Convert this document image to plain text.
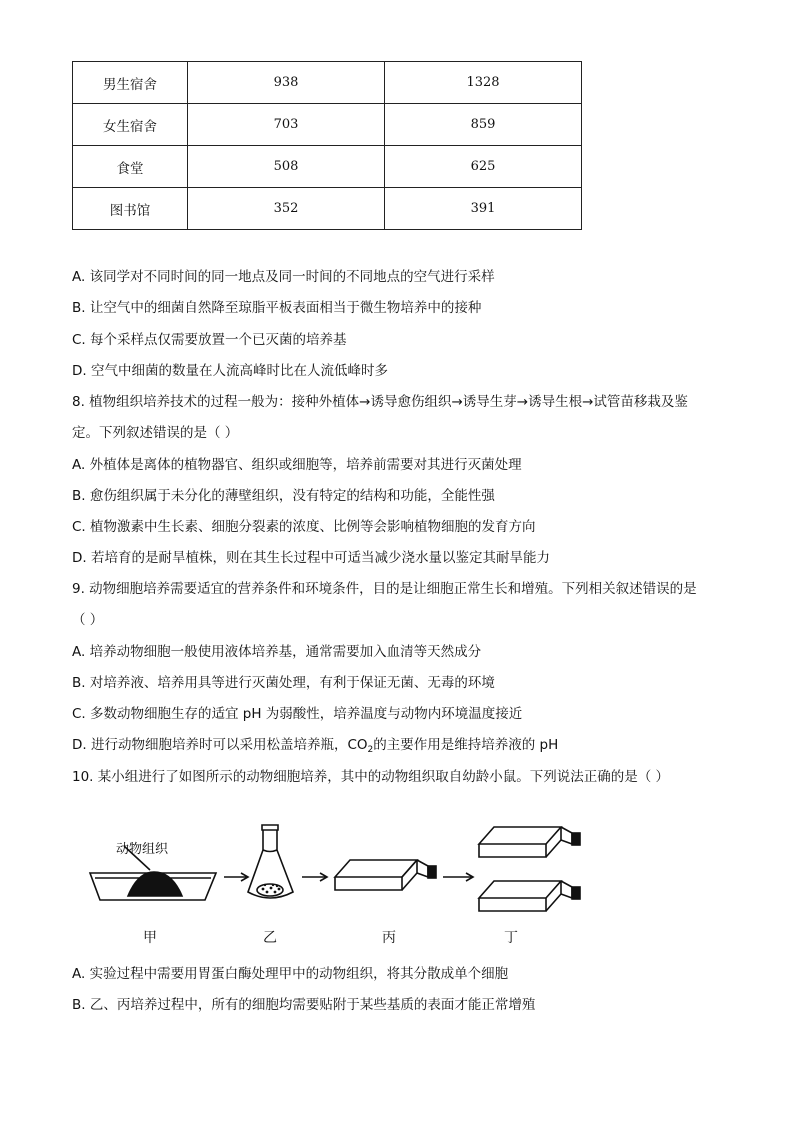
男生宿舍	938	1328
女生宿舍	703	859
食堂	508	625
图书馆	352	391
A. 该同学对不同时间的同一地点及同一时间的不同地点的空气进行采样
B. 让空气中的细菌自然降至琼脂平板表面相当于微生物培养中的接种
C. 每个采样点仅需要放置一个已灭菌的培养基
D. 空气中细菌的数量在人流高峰时比在人流低峰时多
8. 植物组织培养技术的过程一般为：接种外植体→诱导愈伤组织→诱导生芽→诱导生根→试管苗移栽及鉴
定。下列叙述错误的是（ ）
A. 外植体是离体的植物器官、组织或细胞等，培养前需要对其进行灭菌处理
B. 愈伤组织属于未分化的薄壁组织，没有特定的结构和功能，全能性强
C. 植物激素中生长素、细胞分裂素的浓度、比例等会影响植物细胞的发育方向
D. 若培育的是耐旱植株，则在其生长过程中可适当减少浇水量以鉴定其耐旱能力
9. 动物细胞培养需要适宜的营养条件和环境条件，目的是让细胞正常生长和增殖。下列相关叙述错误的是
（ ）
A. 培养动物细胞一般使用液体培养基，通常需要加入血清等天然成分
B. 对培养液、培养用具等进行灭菌处理，有利于保证无菌、无毒的环境
C. 多数动物细胞生存的适宜 pH 为弱酸性，培养温度与动物内环境温度接近
D. 进行动物细胞培养时可以采用松盖培养瓶，$CO_2$的主要作用是维持培养液的 pH
10. 某小组进行了如图所示的动物细胞培养，其中的动物组织取自幼龄小鼠。下列说法正确的是（ ）
动物组织
甲	乙	丙	丁
A. 实验过程中需要用胃蛋白酶处理甲中的动物组织，将其分散成单个细胞
B. 乙、丙培养过程中，所有的细胞均需要贴附于某些基质的表面才能正常增殖
